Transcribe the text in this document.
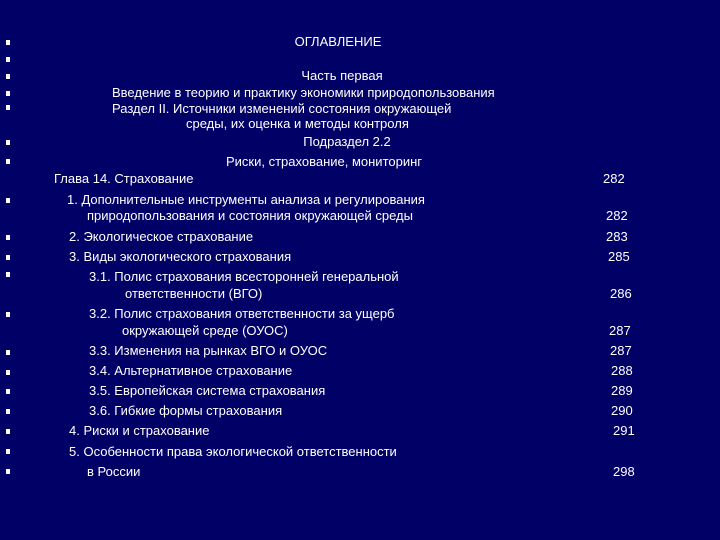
ОГЛАВЛЕНИЕ
Часть первая
Введение в теорию и практику экономики природопользования
Раздел II. Источники изменений состояния окружающей
среды, их оценка и методы контроля
Подраздел 2.2
Риски, страхование, мониторинг
Глава 14. Страхование	282
1. Дополнительные инструменты анализа и регулирования
природопользования и состояния окружающей среды	282
2. Экологическое страхование	283
3. Виды экологического страхования	285
3.1. Полис страхования всесторонней генеральной
ответственности (ВГО)	286
3.2. Полис страхования ответственности за ущерб
окружающей среде (ОУОС)	287
3.3. Изменения на рынках ВГО и ОУОС	287
3.4. Альтернативное страхование	288
3.5. Европейская система страхования	289
3.6. Гибкие формы страхования	290
4. Риски и страхование	291
5. Особенности права экологической ответственности
в России	298
